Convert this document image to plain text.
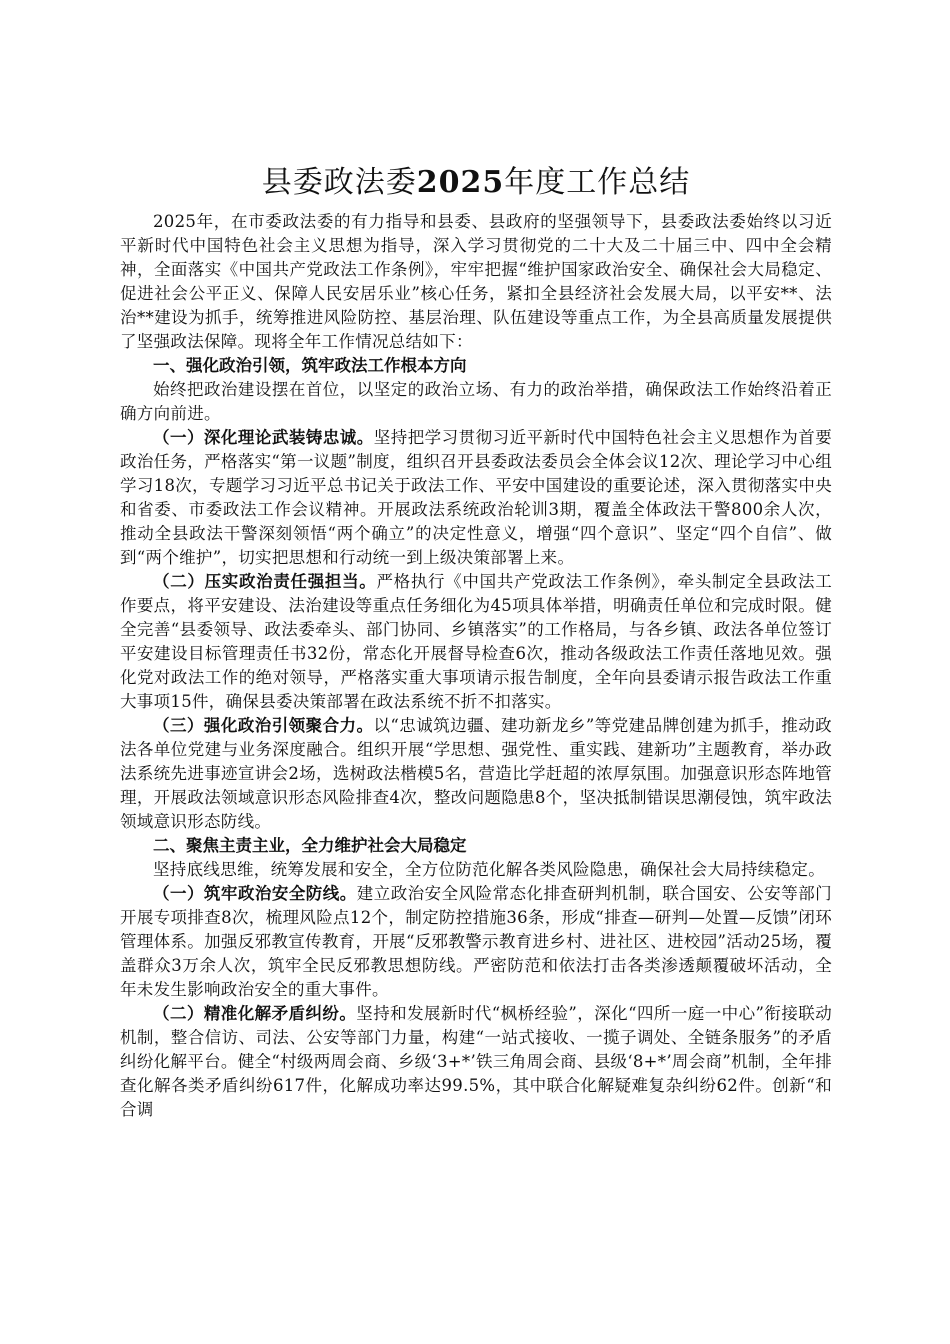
县委政法委2025年度工作总结

2025年，在市委政法委的有力指导和县委、县政府的坚强领导下，县委政法委始终以习近平新时代中国特色社会主义思想为指导，深入学习贯彻党的二十大及二十届三中、四中全会精神，全面落实《中国共产党政法工作条例》，牢牢把握“维护国家政治安全、确保社会大局稳定、促进社会公平正义、保障人民安居乐业”核心任务，紧扣全县经济社会发展大局，以平安**、法治**建设为抓手，统筹推进风险防控、基层治理、队伍建设等重点工作，为全县高质量发展提供了坚强政法保障。现将全年工作情况总结如下：

一、强化政治引领，筑牢政法工作根本方向

始终把政治建设摆在首位，以坚定的政治立场、有力的政治举措，确保政法工作始终沿着正确方向前进。

（一）深化理论武装铸忠诚。坚持把学习贯彻习近平新时代中国特色社会主义思想作为首要政治任务，严格落实“第一议题”制度，组织召开县委政法委员会全体会议12次、理论学习中心组学习18次，专题学习习近平总书记关于政法工作、平安中国建设的重要论述，深入贯彻落实中央和省委、市委政法工作会议精神。开展政法系统政治轮训3期，覆盖全体政法干警800余人次，推动全县政法干警深刻领悟“两个确立”的决定性意义，增强“四个意识”、坚定“四个自信”、做到“两个维护”，切实把思想和行动统一到上级决策部署上来。

（二）压实政治责任强担当。严格执行《中国共产党政法工作条例》，牵头制定全县政法工作要点，将平安建设、法治建设等重点任务细化为45项具体举措，明确责任单位和完成时限。健全完善“县委领导、政法委牵头、部门协同、乡镇落实”的工作格局，与各乡镇、政法各单位签订平安建设目标管理责任书32份，常态化开展督导检查6次，推动各级政法工作责任落地见效。强化党对政法工作的绝对领导，严格落实重大事项请示报告制度，全年向县委请示报告政法工作重大事项15件，确保县委决策部署在政法系统不折不扣落实。

（三）强化政治引领聚合力。以“忠诚筑边疆、建功新龙乡”等党建品牌创建为抓手，推动政法各单位党建与业务深度融合。组织开展“学思想、强党性、重实践、建新功”主题教育，举办政法系统先进事迹宣讲会2场，选树政法楷模5名，营造比学赶超的浓厚氛围。加强意识形态阵地管理，开展政法领域意识形态风险排查4次，整改问题隐患8个，坚决抵制错误思潮侵蚀，筑牢政法领域意识形态防线。

二、聚焦主责主业，全力维护社会大局稳定

坚持底线思维，统筹发展和安全，全方位防范化解各类风险隐患，确保社会大局持续稳定。

（一）筑牢政治安全防线。建立政治安全风险常态化排查研判机制，联合国安、公安等部门开展专项排查8次，梳理风险点12个，制定防控措施36条，形成“排查—研判—处置—反馈”闭环管理体系。加强反邪教宣传教育，开展“反邪教警示教育进乡村、进社区、进校园”活动25场，覆盖群众3万余人次，筑牢全民反邪教思想防线。严密防范和依法打击各类渗透颠覆破坏活动，全年未发生影响政治安全的重大事件。

（二）精准化解矛盾纠纷。坚持和发展新时代“枫桥经验”，深化“四所一庭一中心”衔接联动机制，整合信访、司法、公安等部门力量，构建“一站式接收、一揽子调处、全链条服务”的矛盾纠纷化解平台。健全“村级两周会商、乡级‘3+*’铁三角周会商、县级‘8+*’周会商”机制，全年排查化解各类矛盾纠纷617件，化解成功率达99.5%，其中联合化解疑难复杂纠纷62件。创新“和合调
